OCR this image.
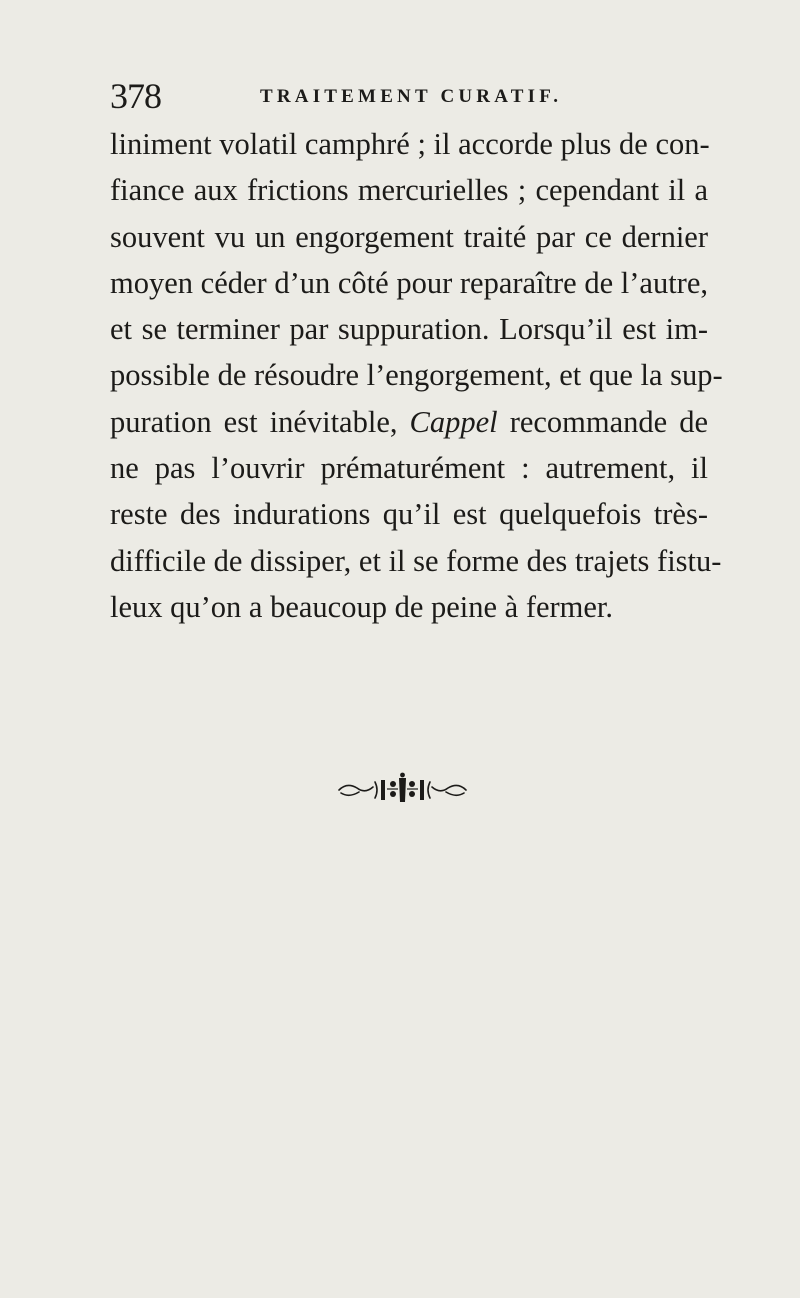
378	TRAITEMENT CURATIF.
liniment volatil camphré ; il accorde plus de con-
fiance aux frictions mercurielles ; cependant il a
souvent vu un engorgement traité par ce dernier
moyen céder d’un côté pour reparaître de l’autre,
et se terminer par suppuration. Lorsqu’il est im-
possible de résoudre l’engorgement, et que la sup-
puration est inévitable, Cappel recommande de
ne pas l’ouvrir prématurément : autrement, il
reste des indurations qu’il est quelquefois très-
difficile de dissiper, et il se forme des trajets fistu-
leux qu’on a beaucoup de peine à fermer.
